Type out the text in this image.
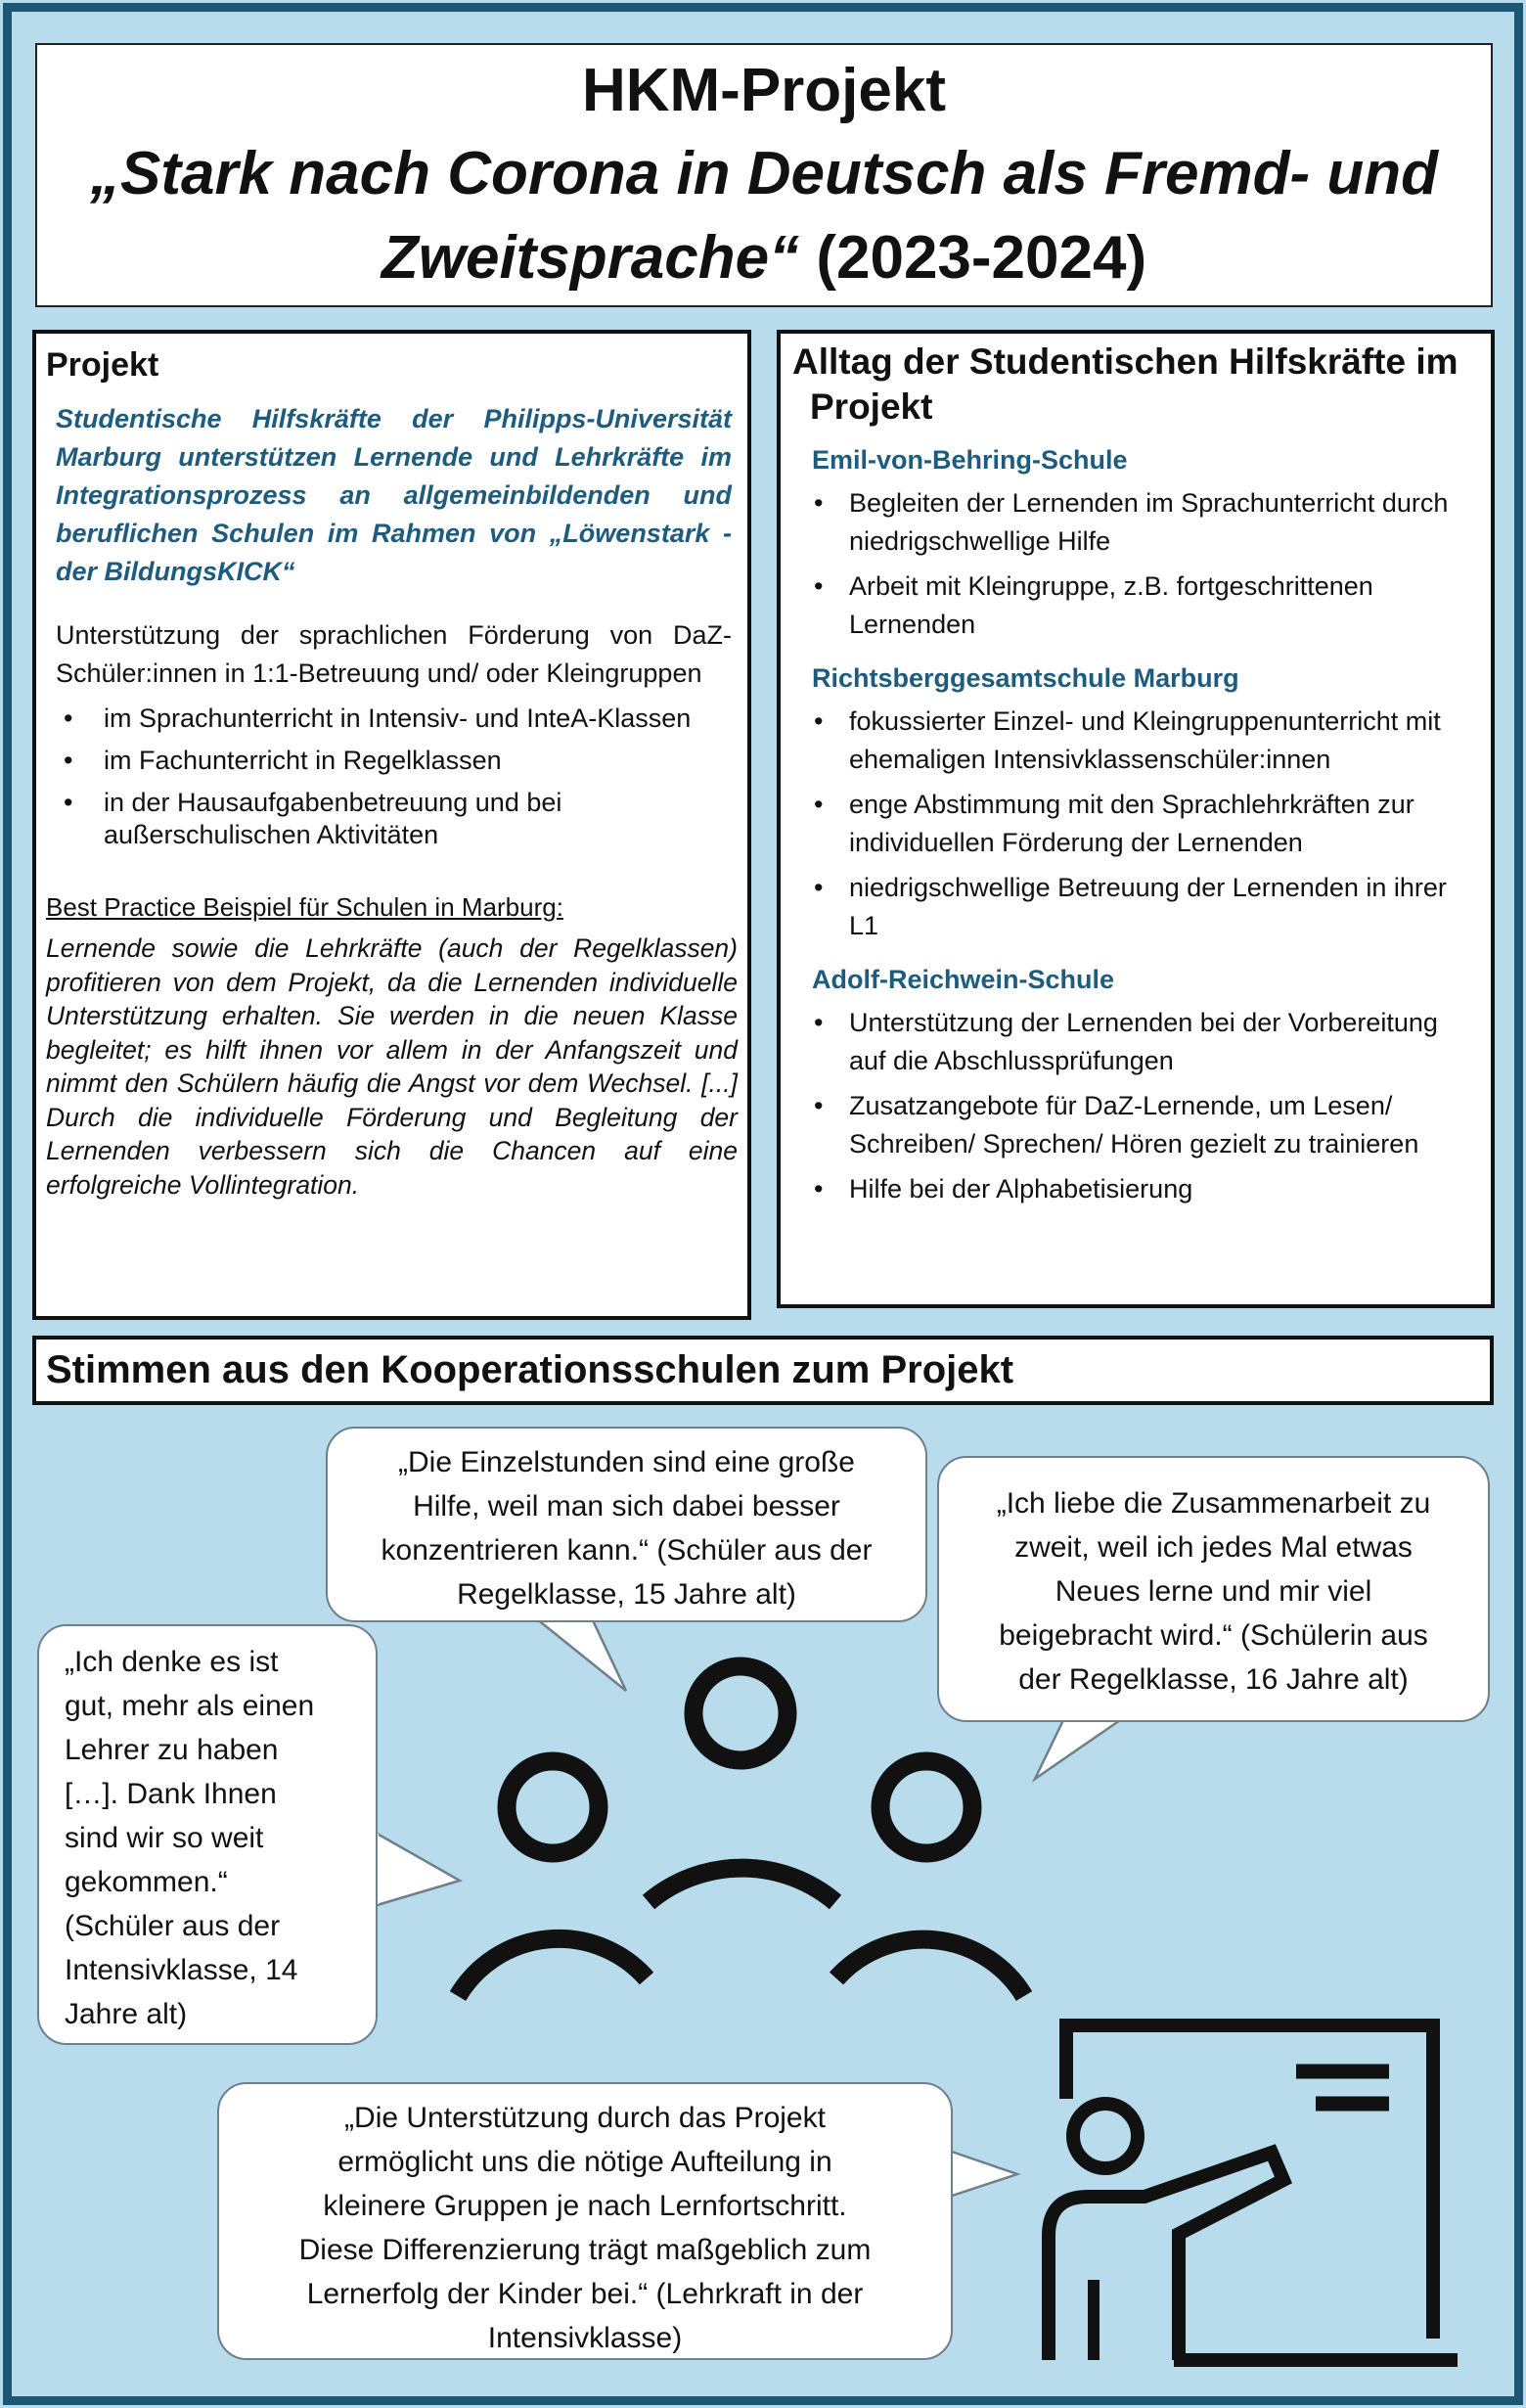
HKM-Projekt
„Stark nach Corona in Deutsch als Fremd- und
Zweitsprache“ (2023-2024)
Projekt
Studentische Hilfskräfte der Philipps-Universität Marburg unterstützen Lernende und Lehrkräfte im Integrationsprozess an allgemeinbildenden und beruflichen Schulen im Rahmen von „Löwenstark - der BildungsKICK“
Unterstützung der sprachlichen Förderung von DaZ-Schüler:innen in 1:1-Betreuung und/ oder Kleingruppen
• im Sprachunterricht in Intensiv- und InteA-Klassen
• im Fachunterricht in Regelklassen
• in der Hausaufgabenbetreuung und bei außerschulischen Aktivitäten
Best Practice Beispiel für Schulen in Marburg:
Lernende sowie die Lehrkräfte (auch der Regelklassen) profitieren von dem Projekt, da die Lernenden individuelle Unterstützung erhalten. Sie werden in die neuen Klasse begleitet; es hilft ihnen vor allem in der Anfangszeit und nimmt den Schülern häufig die Angst vor dem Wechsel. [...] Durch die individuelle Förderung und Begleitung der Lernenden verbessern sich die Chancen auf eine erfolgreiche Vollintegration.
Alltag der Studentischen Hilfskräfte im
Projekt
Emil-von-Behring-Schule
• Begleiten der Lernenden im Sprachunterricht durch niedrigschwellige Hilfe
• Arbeit mit Kleingruppe, z.B. fortgeschrittenen Lernenden
Richtsberggesamtschule Marburg
• fokussierter Einzel- und Kleingruppenunterricht mit ehemaligen Intensivklassenschüler:innen
• enge Abstimmung mit den Sprachlehrkräften zur individuellen Förderung der Lernenden
• niedrigschwellige Betreuung der Lernenden in ihrer L1
Adolf-Reichwein-Schule
• Unterstützung der Lernenden bei der Vorbereitung auf die Abschlussprüfungen
• Zusatzangebote für DaZ-Lernende, um Lesen/ Schreiben/ Sprechen/ Hören gezielt zu trainieren
• Hilfe bei der Alphabetisierung
Stimmen aus den Kooperationsschulen zum Projekt
„Die Einzelstunden sind eine große
Hilfe, weil man sich dabei besser
konzentrieren kann.“ (Schüler aus der
Regelklasse, 15 Jahre alt)
„Ich liebe die Zusammenarbeit zu
zweit, weil ich jedes Mal etwas
Neues lerne und mir viel
beigebracht wird.“ (Schülerin aus
der Regelklasse, 16 Jahre alt)
„Ich denke es ist
gut, mehr als einen
Lehrer zu haben
[…]. Dank Ihnen
sind wir so weit
gekommen.“
(Schüler aus der
Intensivklasse, 14
Jahre alt)
„Die Unterstützung durch das Projekt
ermöglicht uns die nötige Aufteilung in
kleinere Gruppen je nach Lernfortschritt.
Diese Differenzierung trägt maßgeblich zum
Lernerfolg der Kinder bei.“ (Lehrkraft in der
Intensivklasse)
